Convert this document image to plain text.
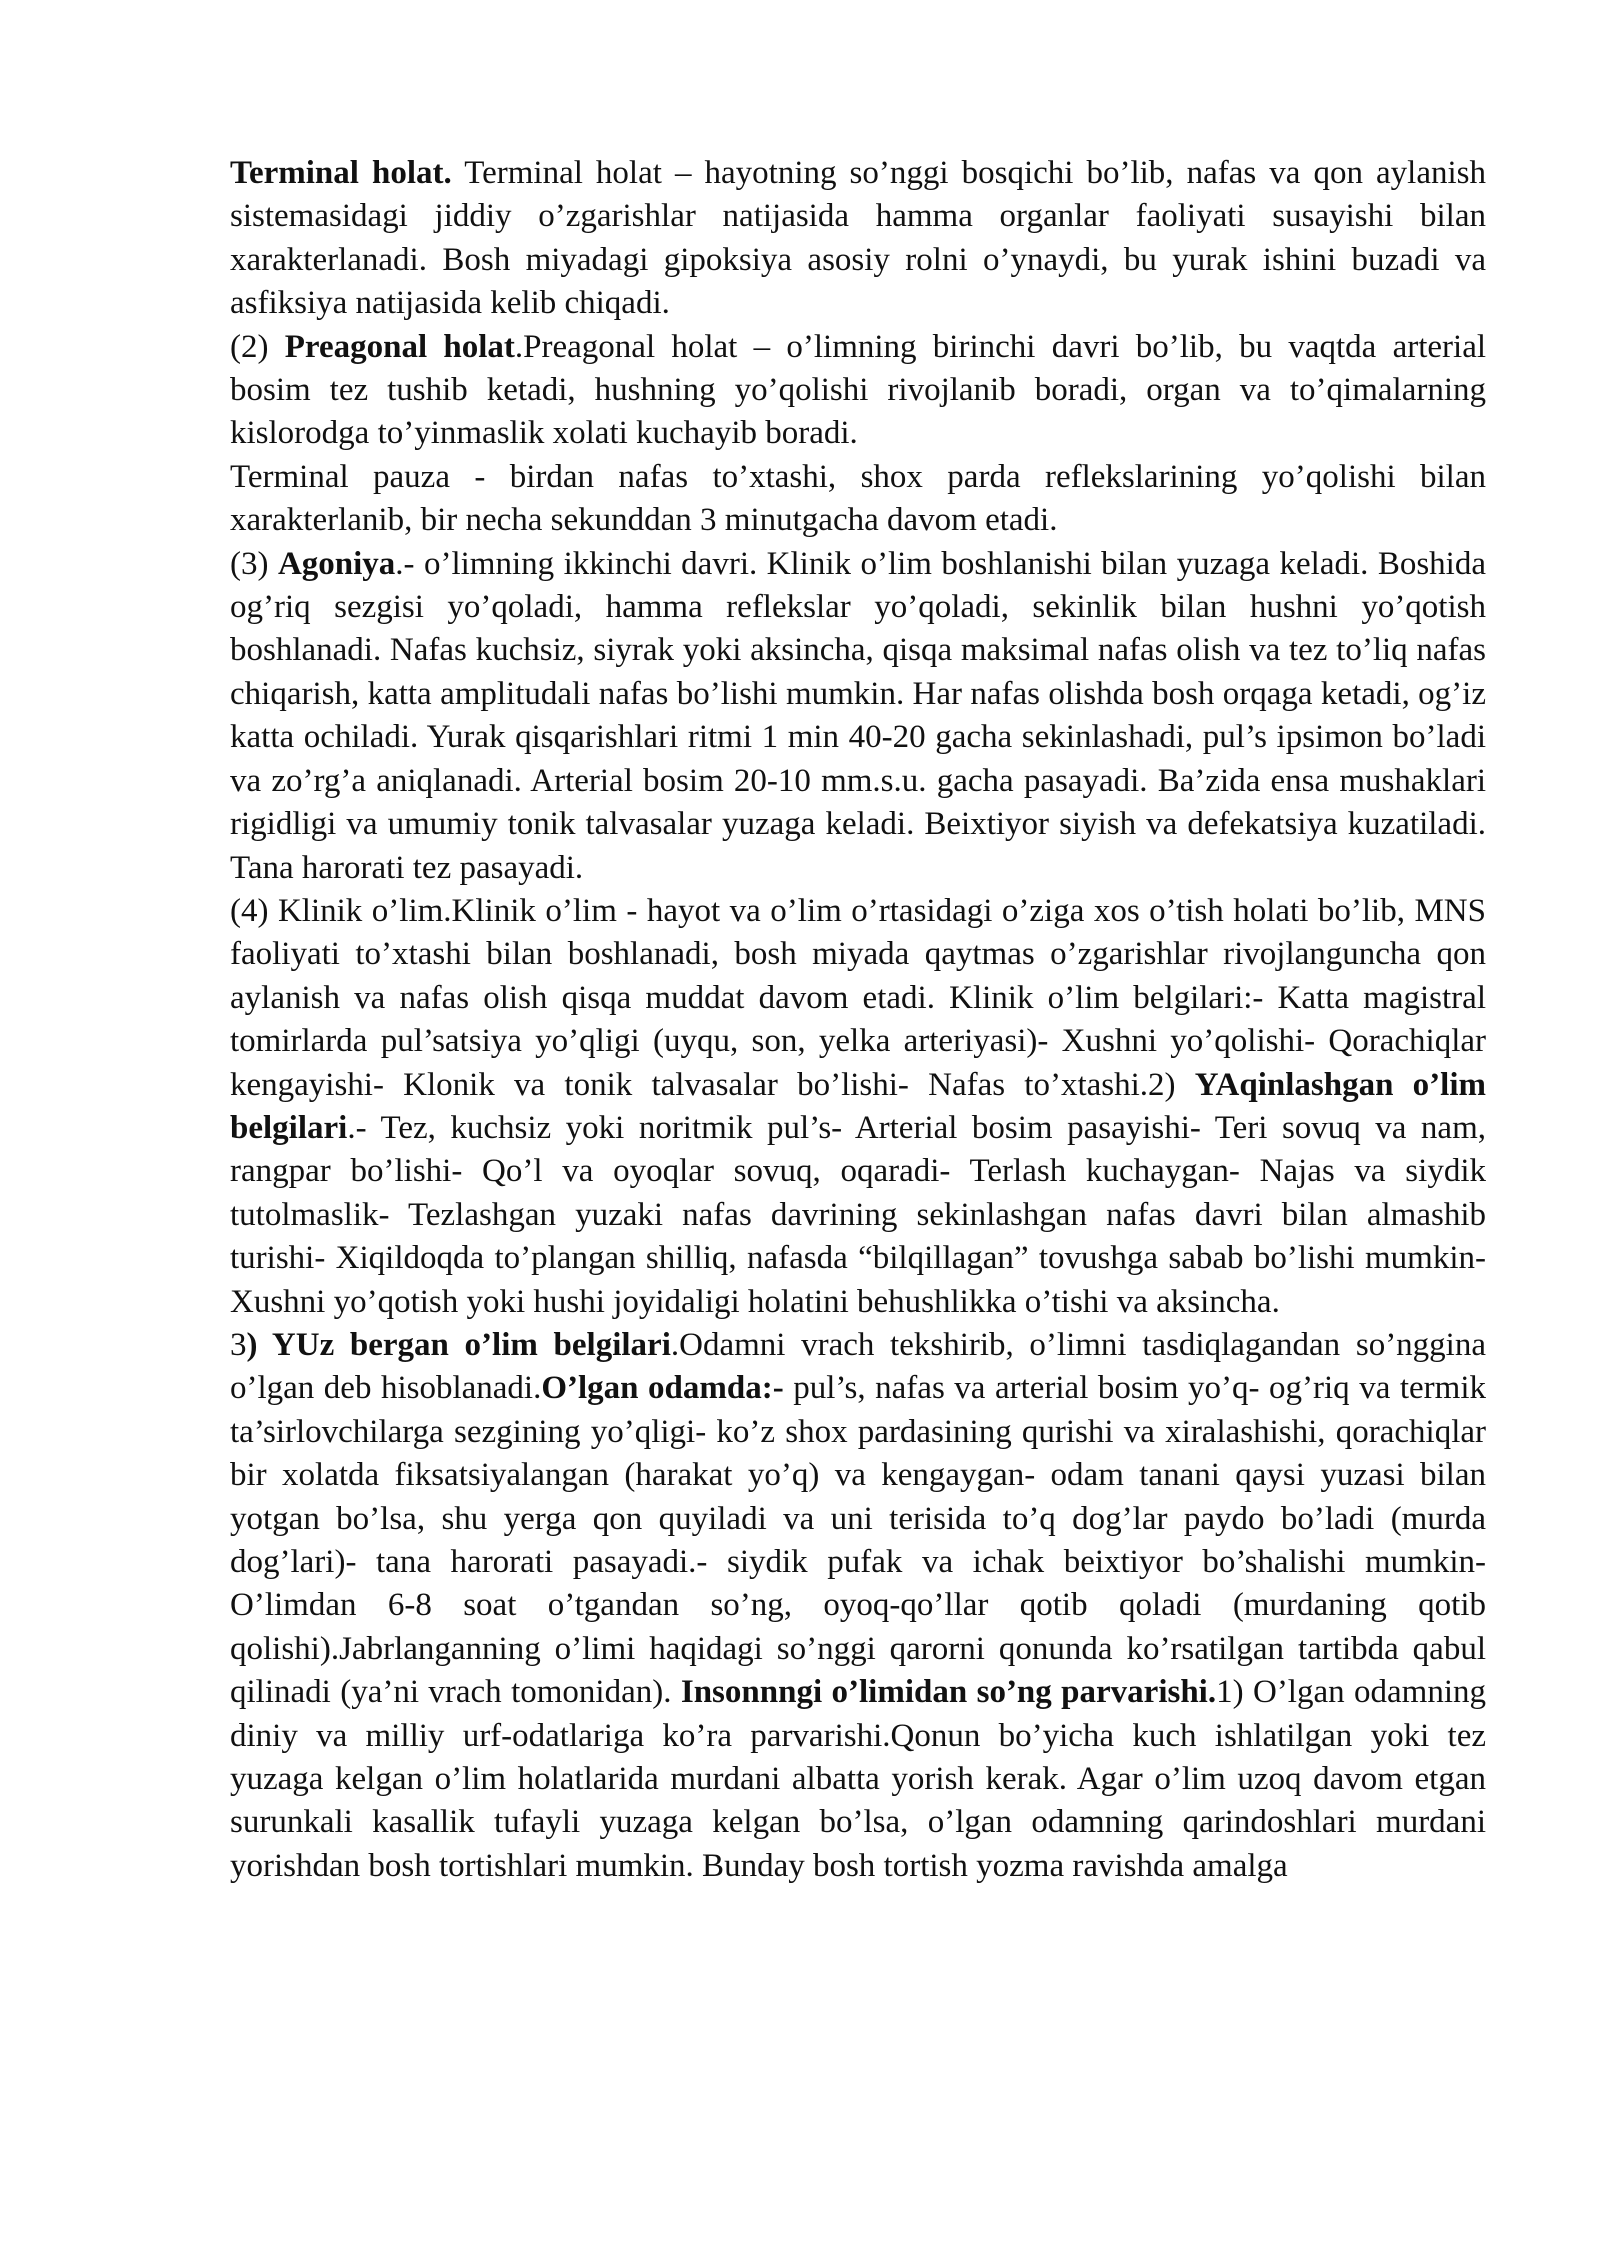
Terminal holat. Terminal holat – hayotning so’nggi bosqichi bo’lib, nafas va qon aylanish sistemasidagi jiddiy o’zgarishlar natijasida hamma organlar faoliyati susayishi bilan xarakterlanadi. Bosh miyadagi gipoksiya asosiy rolni o’ynaydi, bu yurak ishini buzadi va asfiksiya natijasida kelib chiqadi.

(2) Preagonal holat.Preagonal holat – o’limning birinchi davri bo’lib, bu vaqtda arterial bosim tez tushib ketadi, hushning yo’qolishi rivojlanib boradi, organ va to’qimalarning kislorodga to’yinmaslik xolati kuchayib boradi.

Terminal pauza - birdan nafas to’xtashi, shox parda reflekslarining yo’qolishi bilan xarakterlanib, bir necha sekunddan 3 minutgacha davom etadi.

(3) Agoniya.- o’limning ikkinchi davri. Klinik o’lim boshlanishi bilan yuzaga keladi. Boshida og’riq sezgisi yo’qoladi, hamma reflekslar yo’qoladi, sekinlik bilan hushni yo’qotish boshlanadi. Nafas kuchsiz, siyrak yoki aksincha, qisqa maksimal nafas olish va tez to’liq nafas chiqarish, katta amplitudali nafas bo’lishi mumkin. Har nafas olishda bosh orqaga ketadi, og’iz katta ochiladi. Yurak qisqarishlari ritmi 1 min 40-20 gacha sekinlashadi, pul’s ipsimon bo’ladi va zo’rg’a aniqlanadi. Arterial bosim 20-10 mm.s.u. gacha pasayadi. Ba’zida ensa mushaklari rigidligi va umumiy tonik talvasalar yuzaga keladi. Beixtiyor siyish va defekatsiya kuzatiladi. Tana harorati tez pasayadi.

(4) Klinik o’lim.Klinik o’lim - hayot va o’lim o’rtasidagi o’ziga xos o’tish holati bo’lib, MNS faoliyati to’xtashi bilan boshlanadi, bosh miyada qaytmas o’zgarishlar rivojlanguncha qon aylanish va nafas olish qisqa muddat davom etadi. Klinik o’lim belgilari:- Katta magistral tomirlarda pul’satsiya yo’qligi (uyqu, son, yelka arteriyasi)- Xushni yo’qolishi- Qorachiqlar kengayishi- Klonik va tonik talvasalar bo’lishi- Nafas to’xtashi.2) YAqinlashgan o’lim belgilari.- Tez, kuchsiz yoki noritmik pul’s- Arterial bosim pasayishi- Teri sovuq va nam, rangpar bo’lishi- Qo’l va oyoqlar sovuq, oqaradi- Terlash kuchaygan- Najas va siydik tutolmaslik- Tezlashgan yuzaki nafas davrining sekinlashgan nafas davri bilan almashib turishi- Xiqildoqda to’plangan shilliq, nafasda “bilqillagan” tovushga sabab bo’lishi mumkin- Xushni yo’qotish yoki hushi joyidaligi holatini behushlikka o’tishi va aksincha.

3) YUz bergan o’lim belgilari.Odamni vrach tekshirib, o’limni tasdiqlagandan so’nggina o’lgan deb hisoblanadi.O’lgan odamda:- pul’s, nafas va arterial bosim yo’q- og’riq va termik ta’sirlovchilarga sezgining yo’qligi- ko’z shox pardasining qurishi va xiralashishi, qorachiqlar bir xolatda fiksatsiyalangan (harakat yo’q) va kengaygan- odam tanani qaysi yuzasi bilan yotgan bo’lsa, shu yerga qon quyiladi va uni terisida to’q dog’lar paydo bo’ladi (murda dog’lari)- tana harorati pasayadi.- siydik pufak va ichak beixtiyor bo’shalishi mumkin- O’limdan 6-8 soat o’tgandan so’ng, oyoq-qo’llar qotib qoladi (murdaning qotib qolishi).Jabrlanganning o’limi haqidagi so’nggi qarorni qonunda ko’rsatilgan tartibda qabul qilinadi (ya’ni vrach tomonidan). Insonnngi o’limidan so’ng parvarishi.1) O’lgan odamning diniy va milliy urf-odatlariga ko’ra parvarishi.Qonun bo’yicha kuch ishlatilgan yoki tez yuzaga kelgan o’lim holatlarida murdani albatta yorish kerak. Agar o’lim uzoq davom etgan surunkali kasallik tufayli yuzaga kelgan bo’lsa, o’lgan odamning qarindoshlari murdani yorishdan bosh tortishlari mumkin. Bunday bosh tortish yozma ravishda amalga
